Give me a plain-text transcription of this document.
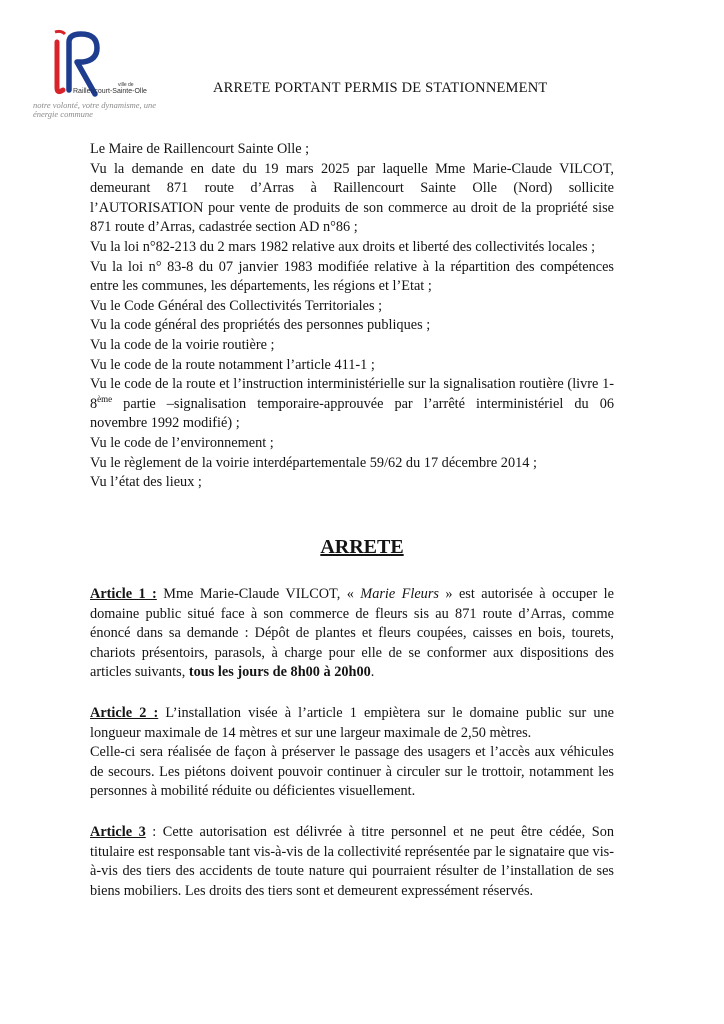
ville de
Raillencourt-Sainte-Olle
notre volonté, votre dynamisme, une énergie commune
ARRETE PORTANT PERMIS DE STATIONNEMENT
Le Maire de Raillencourt Sainte Olle ;
Vu la demande en date du 19 mars 2025 par laquelle Mme Marie-Claude VILCOT, demeurant 871 route d’Arras à Raillencourt Sainte Olle (Nord) sollicite l’AUTORISATION pour vente de produits de son commerce au droit de la propriété sise 871 route d’Arras, cadastrée section AD n°86 ;
Vu la loi n°82-213 du 2 mars 1982 relative aux droits et liberté des collectivités locales ;
Vu la loi n° 83-8 du 07 janvier 1983 modifiée relative à la répartition des compétences entre les communes, les départements, les régions et l’Etat ;
Vu le Code Général des Collectivités Territoriales ;
Vu la code général des propriétés des personnes publiques ;
Vu la code de la voirie routière ;
Vu le code de la route notamment l’article 411-1 ;
Vu le code de la route et l’instruction interministérielle sur la signalisation routière (livre 1-8ème partie –signalisation temporaire-approuvée par l’arrêté interministériel du 06 novembre 1992 modifié) ;
Vu le code de l’environnement ;
Vu le règlement de la voirie interdépartementale 59/62 du 17 décembre 2014 ;
Vu l’état des lieux ;
ARRETE

Article 1 : Mme Marie-Claude VILCOT, « Marie Fleurs » est autorisée à occuper le domaine public situé face à son commerce de fleurs sis au 871 route d’Arras, comme énoncé dans sa demande : Dépôt de plantes et fleurs coupées, caisses en bois, tourets, chariots présentoirs, parasols, à charge pour elle de se conformer aux dispositions des articles suivants, tous les jours de 8h00 à 20h00.

Article 2 : L’installation visée à l’article 1 empiètera sur le domaine public sur une longueur maximale de 14 mètres et sur une largeur maximale de 2,50 mètres.
Celle-ci sera réalisée de façon à préserver le passage des usagers et l’accès aux véhicules de secours. Les piétons doivent pouvoir continuer à circuler sur le trottoir, notamment les personnes à mobilité réduite ou déficientes visuellement.

Article 3 : Cette autorisation est délivrée à titre personnel et ne peut être cédée, Son titulaire est responsable tant vis-à-vis de la collectivité représentée par le signataire que vis-à-vis des tiers des accidents de toute nature qui pourraient résulter de l’installation de ses biens mobiliers. Les droits des tiers sont et demeurent expressément réservés.
